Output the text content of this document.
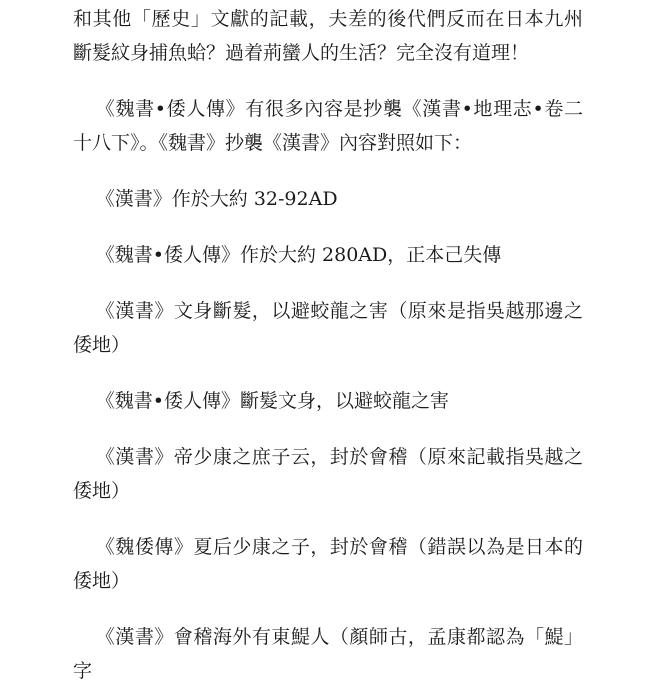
和其他「歷史」文獻的記載，夫差的後代們反而在日本九州斷髮紋身捕魚蛤？過着荊蠻人的生活？完全沒有道理！

《魏書•倭人傳》有很多內容是抄襲《漢書•地理志•卷二十八下》。《魏書》抄襲《漢書》內容對照如下：

《漢書》作於大約 32-92AD

《魏書•倭人傳》作於大約 280AD，正本己失傳

《漢書》文身斷髮，以避蛟龍之害（原來是指吳越那邊之倭地）

《魏書•倭人傳》斷髮文身，以避蛟龍之害

《漢書》帝少康之庶子云，封於會稽（原來記載指吳越之倭地）

《魏倭傳》夏后少康之子，封於會稽（錯誤以為是日本的倭地）

《漢書》會稽海外有東鯷人（顏師古，孟康都認為「鯷」字
